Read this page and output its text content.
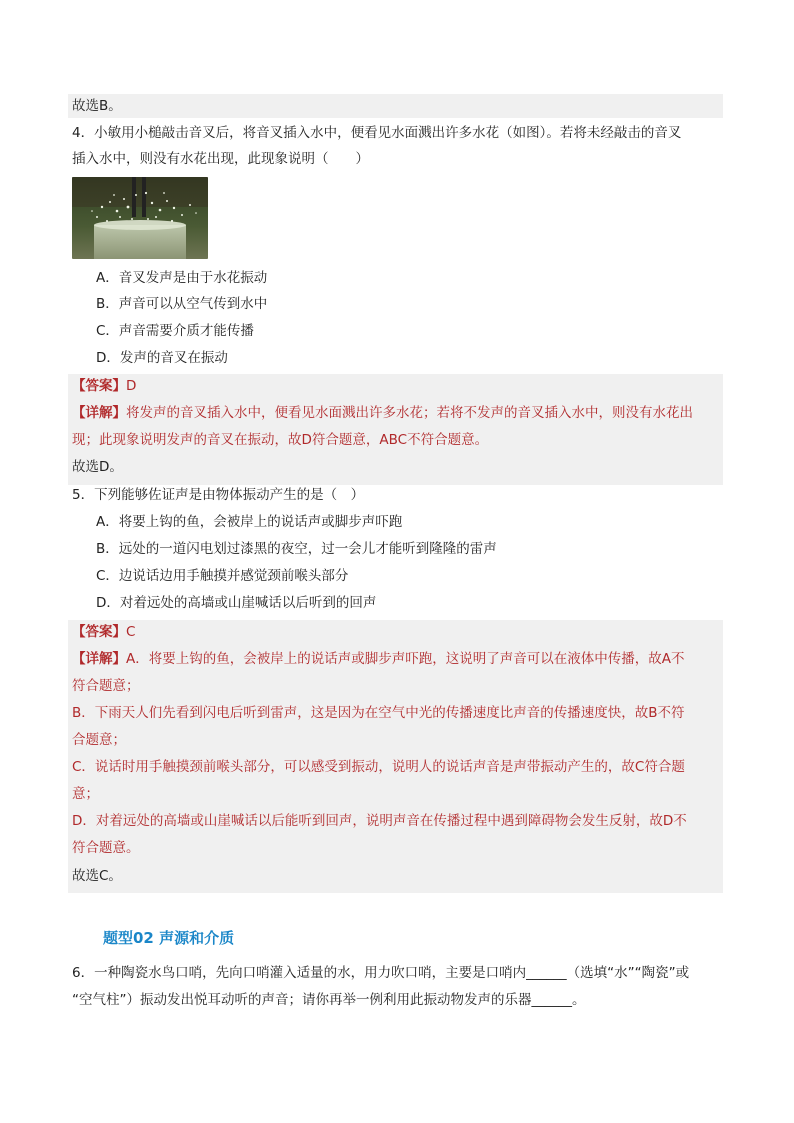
故选B。
4．小敏用小槌敲击音叉后，将音叉插入水中，便看见水面溅出许多水花（如图）。若将未经敲击的音叉
插入水中，则没有水花出现，此现象说明（　　）
A．音叉发声是由于水花振动
B．声音可以从空气传到水中
C．声音需要介质才能传播
D．发声的音叉在振动
【答案】D
【详解】将发声的音叉插入水中，便看见水面溅出许多水花；若将不发声的音叉插入水中，则没有水花出
现；此现象说明发声的音叉在振动，故D符合题意，ABC不符合题意。
故选D。
5．下列能够佐证声是由物体振动产生的是（　）
A．将要上钩的鱼，会被岸上的说话声或脚步声吓跑
B．远处的一道闪电划过漆黑的夜空，过一会儿才能听到隆隆的雷声
C．边说话边用手触摸并感觉颈前喉头部分
D．对着远处的高墙或山崖喊话以后听到的回声
【答案】C
【详解】A．将要上钩的鱼，会被岸上的说话声或脚步声吓跑，这说明了声音可以在液体中传播，故A不
符合题意；
B．下雨天人们先看到闪电后听到雷声，这是因为在空气中光的传播速度比声音的传播速度快，故B不符
合题意；
C．说话时用手触摸颈前喉头部分，可以感受到振动，说明人的说话声音是声带振动产生的，故C符合题
意；
D．对着远处的高墙或山崖喊话以后能听到回声，说明声音在传播过程中遇到障碍物会发生反射，故D不
符合题意。
故选C。
题型02 声源和介质
6．一种陶瓷水鸟口哨，先向口哨灌入适量的水，用力吹口哨，主要是口哨内______（选填“水”“陶瓷”或
“空气柱”）振动发出悦耳动听的声音；请你再举一例利用此振动物发声的乐器______。
